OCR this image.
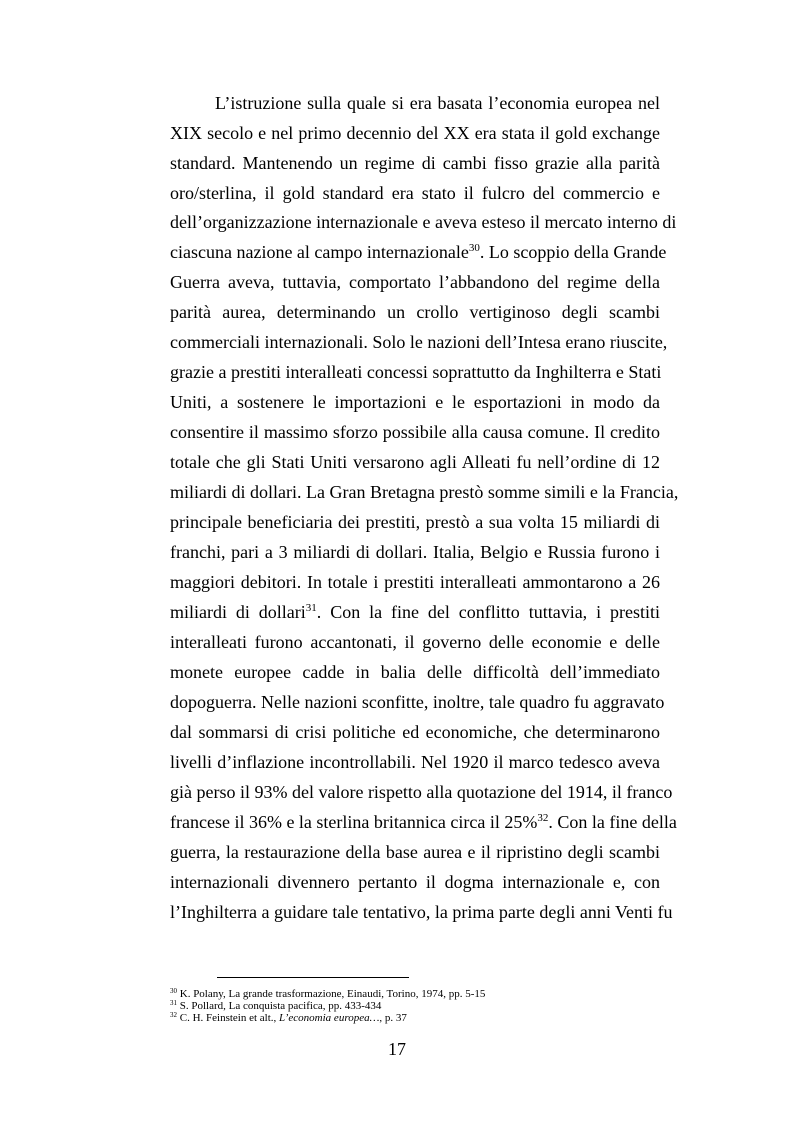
L’istruzione sulla quale si era basata l’economia europea nel
XIX secolo e nel primo decennio del XX era stata il gold exchange
standard. Mantenendo un regime di cambi fisso grazie alla parità
oro/sterlina, il gold standard era stato il fulcro del commercio e
dell’organizzazione internazionale e aveva esteso il mercato interno di
ciascuna nazione al campo internazionale$^{30}$. Lo scoppio della Grande
Guerra aveva, tuttavia, comportato l’abbandono del regime della
parità aurea, determinando un crollo vertiginoso degli scambi
commerciali internazionali. Solo le nazioni dell’Intesa erano riuscite,
grazie a prestiti interalleati concessi soprattutto da Inghilterra e Stati
Uniti, a sostenere le importazioni e le esportazioni in modo da
consentire il massimo sforzo possibile alla causa comune. Il credito
totale che gli Stati Uniti versarono agli Alleati fu nell’ordine di 12
miliardi di dollari. La Gran Bretagna prestò somme simili e la Francia,
principale beneficiaria dei prestiti, prestò a sua volta 15 miliardi di
franchi, pari a 3 miliardi di dollari. Italia, Belgio e Russia furono i
maggiori debitori. In totale i prestiti interalleati ammontarono a 26
miliardi di dollari$^{31}$. Con la fine del conflitto tuttavia, i prestiti
interalleati furono accantonati, il governo delle economie e delle
monete europee cadde in balia delle difficoltà dell’immediato
dopoguerra. Nelle nazioni sconfitte, inoltre, tale quadro fu aggravato
dal sommarsi di crisi politiche ed economiche, che determinarono
livelli d’inflazione incontrollabili. Nel 1920 il marco tedesco aveva
già perso il 93% del valore rispetto alla quotazione del 1914, il franco
francese il 36% e la sterlina britannica circa il 25%$^{32}$. Con la fine della
guerra, la restaurazione della base aurea e il ripristino degli scambi
internazionali divennero pertanto il dogma internazionale e, con
l’Inghilterra a guidare tale tentativo, la prima parte degli anni Venti fu
$^{30}$ K. Polany, La grande trasformazione, Einaudi, Torino, 1974, pp. 5-15
$^{31}$ S. Pollard, La conquista pacifica, pp. 433-434
$^{32}$ C. H. Feinstein et alt., L’economia europea…, p. 37
17
